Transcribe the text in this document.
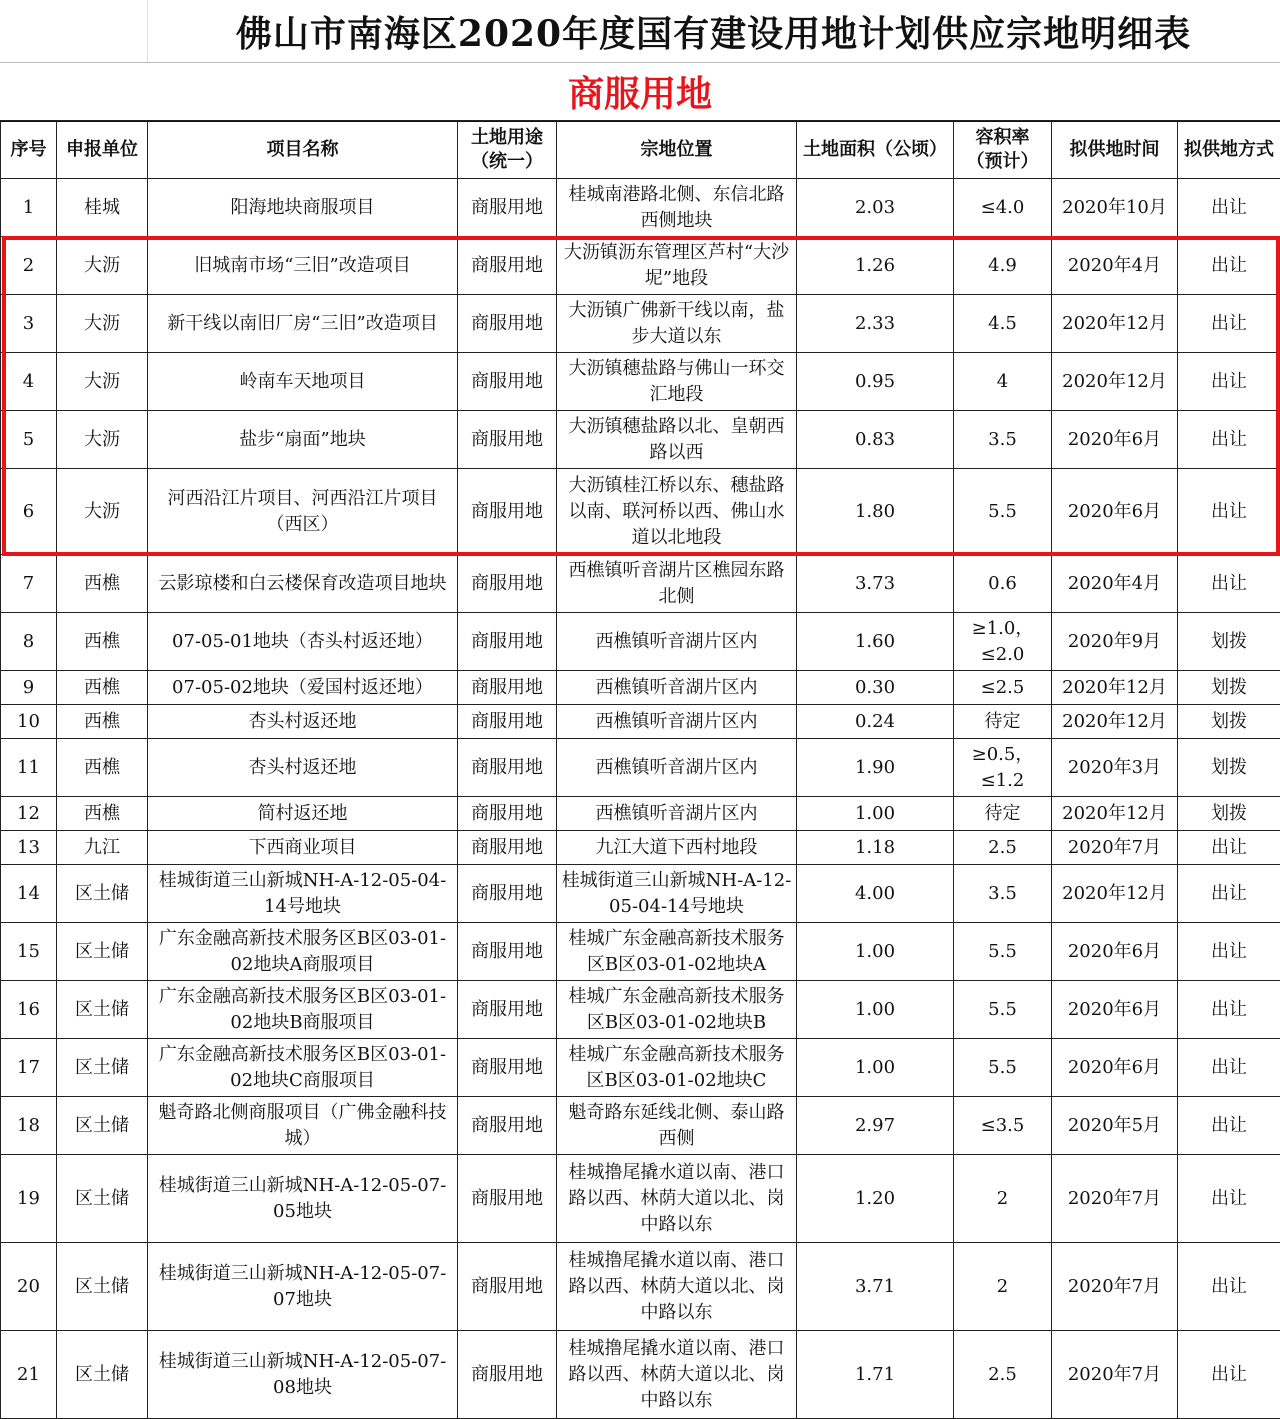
佛山市南海区2020年度国有建设用地计划供应宗地明细表
商服用地
序号	申报单位	项目名称	土地用途（统一）	宗地位置	土地面积（公顷）	容积率（预计）	拟供地时间	拟供地方式
1	桂城	阳海地块商服项目	商服用地	桂城南港路北侧、东信北路西侧地块	2.03	≤4.0	2020年10月	出让
2	大沥	旧城南市场“三旧”改造项目	商服用地	大沥镇沥东管理区芦村“大沙坭”地段	1.26	4.9	2020年4月	出让
3	大沥	新干线以南旧厂房“三旧”改造项目	商服用地	大沥镇广佛新干线以南，盐步大道以东	2.33	4.5	2020年12月	出让
4	大沥	岭南车天地项目	商服用地	大沥镇穗盐路与佛山一环交汇地段	0.95	4	2020年12月	出让
5	大沥	盐步“扇面”地块	商服用地	大沥镇穗盐路以北、皇朝西路以西	0.83	3.5	2020年6月	出让
6	大沥	河西沿江片项目、河西沿江片项目（西区）	商服用地	大沥镇桂江桥以东、穗盐路以南、联河桥以西、佛山水道以北地段	1.80	5.5	2020年6月	出让
7	西樵	云影琼楼和白云楼保育改造项目地块	商服用地	西樵镇听音湖片区樵园东路北侧	3.73	0.6	2020年4月	出让
8	西樵	07-05-01地块（杏头村返还地）	商服用地	西樵镇听音湖片区内	1.60	≥1.0，≤2.0	2020年9月	划拨
9	西樵	07-05-02地块（爱国村返还地）	商服用地	西樵镇听音湖片区内	0.30	≤2.5	2020年12月	划拨
10	西樵	杏头村返还地	商服用地	西樵镇听音湖片区内	0.24	待定	2020年12月	划拨
11	西樵	杏头村返还地	商服用地	西樵镇听音湖片区内	1.90	≥0.5，≤1.2	2020年3月	划拨
12	西樵	简村返还地	商服用地	西樵镇听音湖片区内	1.00	待定	2020年12月	划拨
13	九江	下西商业项目	商服用地	九江大道下西村地段	1.18	2.5	2020年7月	出让
14	区土储	桂城街道三山新城NH-A-12-05-04-14号地块	商服用地	桂城街道三山新城NH-A-12-05-04-14号地块	4.00	3.5	2020年12月	出让
15	区土储	广东金融高新技术服务区B区03-01-02地块A商服项目	商服用地	桂城广东金融高新技术服务区B区03-01-02地块A	1.00	5.5	2020年6月	出让
16	区土储	广东金融高新技术服务区B区03-01-02地块B商服项目	商服用地	桂城广东金融高新技术服务区B区03-01-02地块B	1.00	5.5	2020年6月	出让
17	区土储	广东金融高新技术服务区B区03-01-02地块C商服项目	商服用地	桂城广东金融高新技术服务区B区03-01-02地块C	1.00	5.5	2020年6月	出让
18	区土储	魁奇路北侧商服项目（广佛金融科技城）	商服用地	魁奇路东延线北侧、泰山路西侧	2.97	≤3.5	2020年5月	出让
19	区土储	桂城街道三山新城NH-A-12-05-07-05地块	商服用地	桂城撸尾撬水道以南、港口路以西、林荫大道以北、岗中路以东	1.20	2	2020年7月	出让
20	区土储	桂城街道三山新城NH-A-12-05-07-07地块	商服用地	桂城撸尾撬水道以南、港口路以西、林荫大道以北、岗中路以东	3.71	2	2020年7月	出让
21	区土储	桂城街道三山新城NH-A-12-05-07-08地块	商服用地	桂城撸尾撬水道以南、港口路以西、林荫大道以北、岗中路以东	1.71	2.5	2020年7月	出让
